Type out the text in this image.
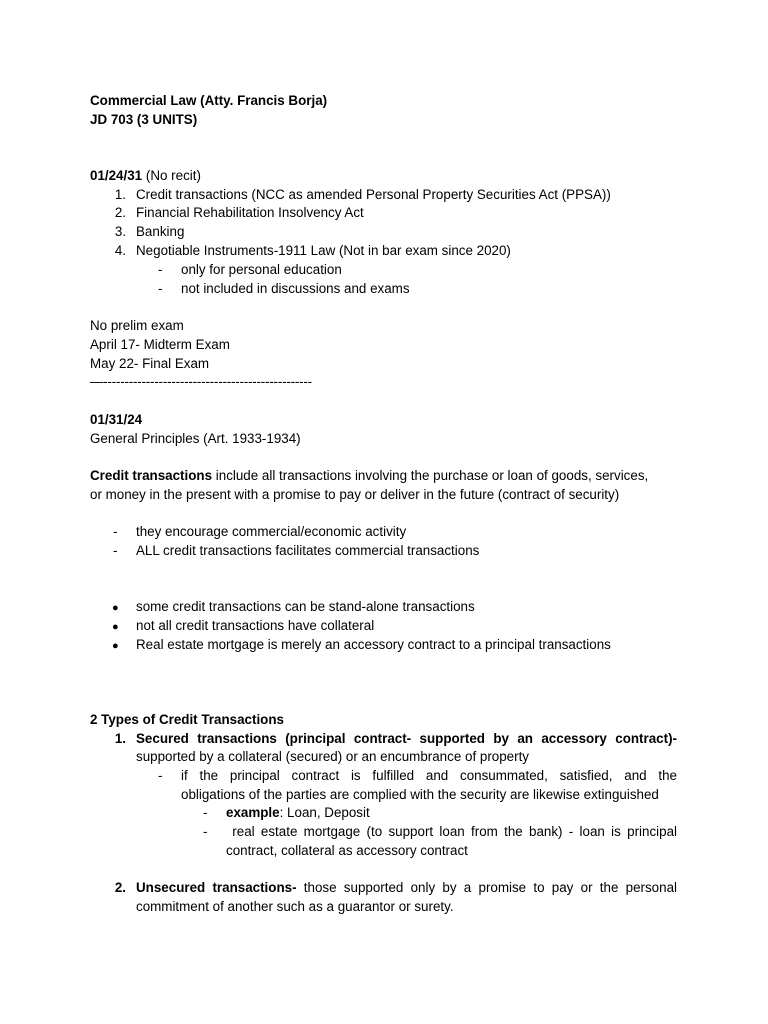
Commercial Law (Atty. Francis Borja)
JD 703 (3 UNITS)
01/24/31 (No recit)
1. Credit transactions (NCC as amended Personal Property Securities Act (PPSA))
2. Financial Rehabilitation Insolvency Act
3. Banking
4. Negotiable Instruments-1911 Law (Not in bar exam since 2020)
- only for personal education
- not included in discussions and exams
No prelim exam
April 17- Midterm Exam
May 22- Final Exam
—-------------------------------------------------
01/31/24
General Principles (Art. 1933-1934)
Credit transactions include all transactions involving the purchase or loan of goods, services,
or money in the present with a promise to pay or deliver in the future (contract of security)
- they encourage commercial/economic activity
- ALL credit transactions facilitates commercial transactions
● some credit transactions can be stand-alone transactions
● not all credit transactions have collateral
● Real estate mortgage is merely an accessory contract to a principal transactions
2 Types of Credit Transactions
1. Secured transactions (principal contract- supported by an accessory contract)-
supported by a collateral (secured) or an encumbrance of property
- if the principal contract is fulfilled and consummated, satisfied, and the
obligations of the parties are complied with the security are likewise extinguished
- example: Loan, Deposit
- real estate mortgage (to support loan from the bank) - loan is principal
contract, collateral as accessory contract
2. Unsecured transactions- those supported only by a promise to pay or the personal
commitment of another such as a guarantor or surety.
